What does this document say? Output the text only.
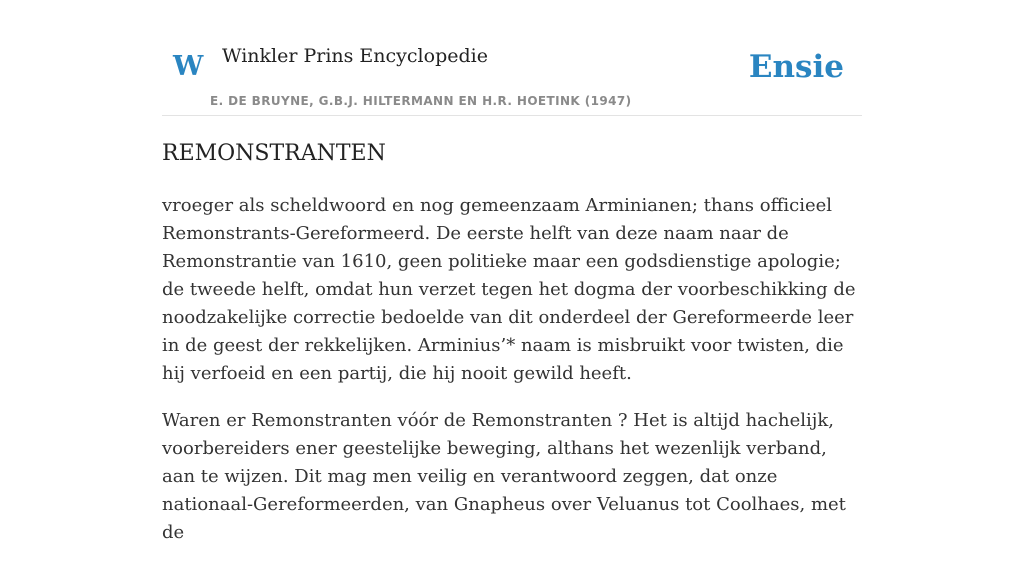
W Winkler Prins Encyclopedie
E. DE BRUYNE, G.B.J. HILTERMANN EN H.R. HOETINK (1947)
Ensie
REMONSTRANTEN

vroeger als scheldwoord en nog gemeenzaam Arminianen; thans officieel Remonstrants-Gereformeerd. De eerste helft van deze naam naar de Remonstrantie van 1610, geen politieke maar een godsdienstige apologie; de tweede helft, omdat hun verzet tegen het dogma der voorbeschikking de noodzakelijke correctie bedoelde van dit onderdeel der Gereformeerde leer in de geest der rekkelijken. Arminius’* naam is misbruikt voor twisten, die hij verfoeid en een partij, die hij nooit gewild heeft.

Waren er Remonstranten vóór de Remonstranten ? Het is altijd hachelijk, voorbereiders ener geestelijke beweging, althans het wezenlijk verband, aan te wijzen. Dit mag men veilig en verantwoord zeggen, dat onze nationaal-Gereformeerden, van Gnapheus over Veluanus tot Coolhaes, met de
